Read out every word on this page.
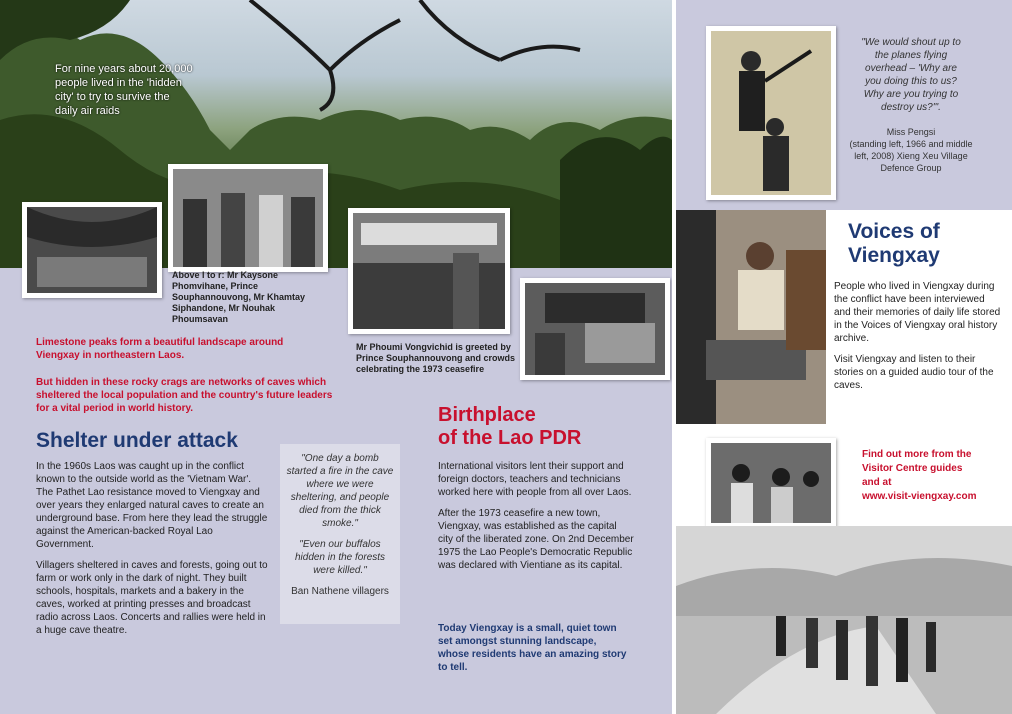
For nine years about 20,000 people lived in the 'hidden city' to try to survive the daily air raids
Above l to r: Mr Kaysone Phomvihane, Prince Souphannouvong, Mr Khamtay Siphandone, Mr Nouhak Phoumsavan
Mr Phoumi Vongvichid is greeted by Prince Souphannouvong and crowds celebrating the 1973 ceasefire
Limestone peaks form a beautiful landscape around Viengxay in northeastern Laos.
But hidden in these rocky crags are networks of caves which sheltered the local population and the country's future leaders for a vital period in world history.
Shelter under attack

In the 1960s Laos was caught up in the conflict known to the outside world as the 'Vietnam War'. The Pathet Lao resistance moved to Viengxay and over years they enlarged natural caves to create an underground base. From here they lead the struggle against the American-backed Royal Lao Government.

Villagers sheltered in caves and forests, going out to farm or work only in the dark of night. They built schools, hospitals, markets and a bakery in the caves, worked at printing presses and broadcast radio across Laos. Concerts and rallies were held in a huge cave theatre.

"One day a bomb started a fire in the cave where we were sheltering, and people died from the thick smoke."

"Even our buffalos hidden in the forests were killed."

Ban Nathene villagers

Birthplace
of the Lao PDR

International visitors lent their support and foreign doctors, teachers and technicians worked here with people from all over Laos.

After the 1973 ceasefire a new town, Viengxay, was established as the capital city of the liberated zone. On 2nd December 1975 the Lao People's Democratic Republic was declared with Vientiane as its capital.

Today Viengxay is a small, quiet town set amongst stunning landscape, whose residents have an amazing story to tell.
"We would shout up to the planes flying overhead – 'Why are you doing this to us? Why are you trying to destroy us?'".
Miss Pengsi
(standing left, 1966 and middle left, 2008) Xieng Xeu Village Defence Group
Voices of Viengxay

People who lived in Viengxay during the conflict have been interviewed and their memories of daily life stored in the Voices of Viengxay oral history archive.

Visit Viengxay and listen to their stories on a guided audio tour of the caves.

Find out more from the
Visitor Centre guides
and at
www.visit-viengxay.com
